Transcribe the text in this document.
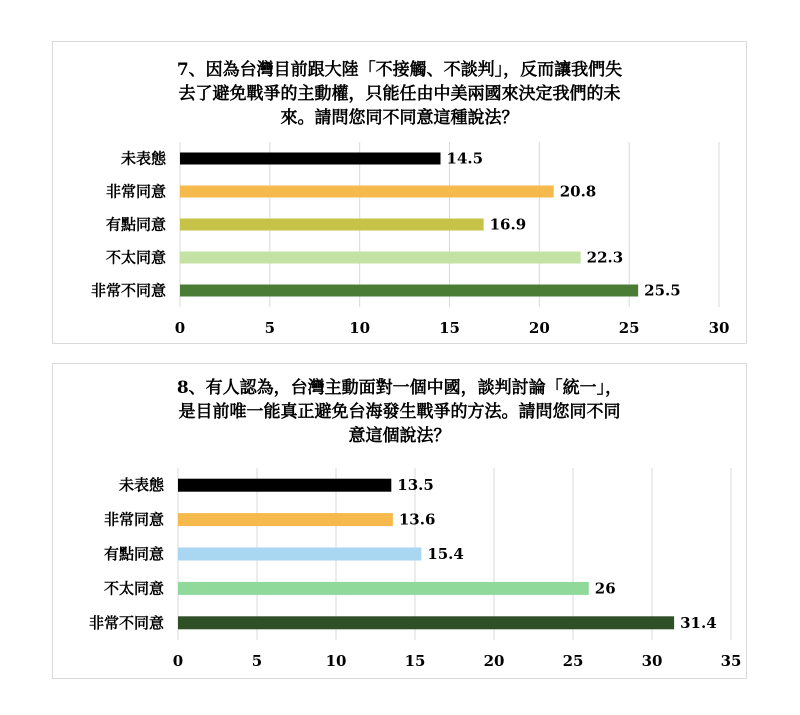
7、因為台灣目前跟大陸「不接觸、不談判」，反而讓我們失
去了避免戰爭的主動權，只能任由中美兩國來決定我們的未
來。請問您同不同意這種說法？
0	5	10	15	20	25	30
未表態	14.5
非常同意	20.8
有點同意	16.9
不太同意	22.3
非常不同意	25.5
8、有人認為，台灣主動面對一個中國，談判討論「統一」，
是目前唯一能真正避免台海發生戰爭的方法。請問您同不同
意這個說法？
0	5	10	15	20	25	30	35
未表態	13.5
非常同意	13.6
有點同意	15.4
不太同意	26
非常不同意	31.4
